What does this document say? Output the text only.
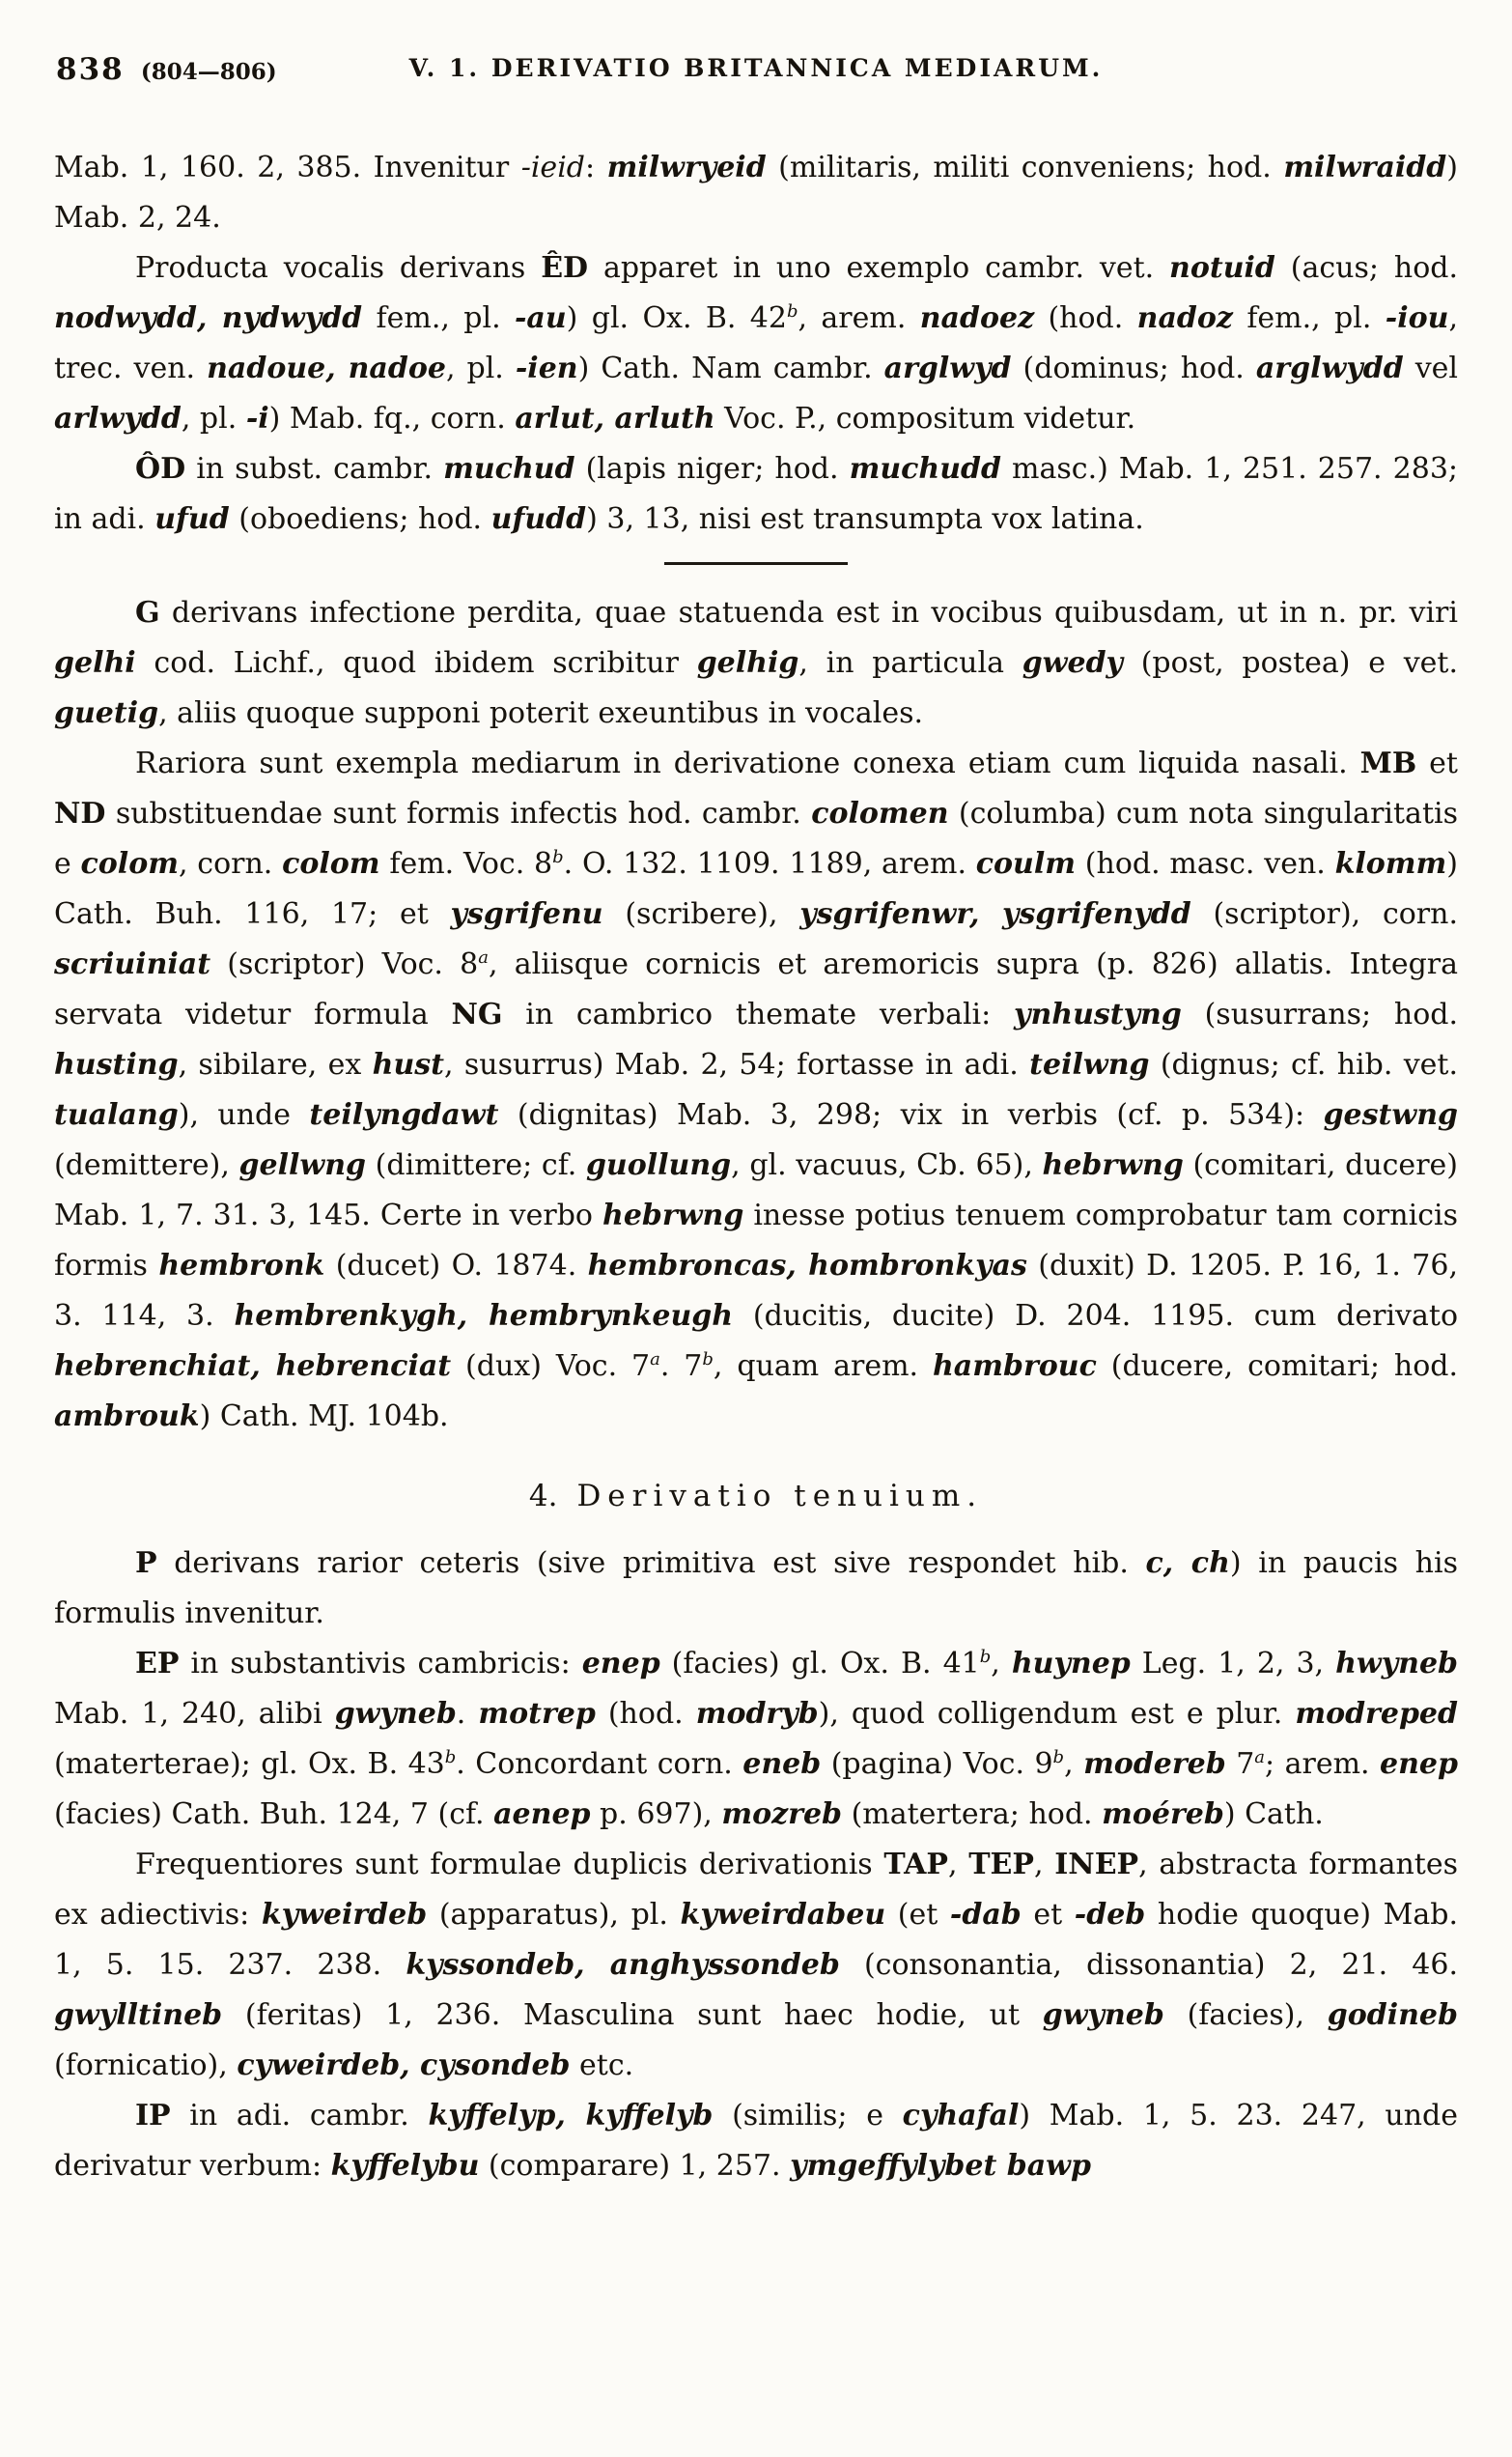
838 (804—806)	V. 1. DERIVATIO BRITANNICA MEDIARUM.

Mab. 1, 160. 2, 385. Invenitur -ieid: milwryeid (militaris, militi conveniens; hod. milwraidd) Mab. 2, 24.

Producta vocalis derivans ÊD apparet in uno exemplo cambr. vet. notuid (acus; hod. nodwydd, nydwydd fem., pl. -au) gl. Ox. B. 42$^b$, arem. nadoez (hod. nadoz fem., pl. -iou, trec. ven. nadoue, nadoe, pl. -ien) Cath. Nam cambr. arglwyd (dominus; hod. arglwydd vel arlwydd, pl. -i) Mab. fq., corn. arlut, arluth Voc. P., compositum videtur.

ÔD in subst. cambr. muchud (lapis niger; hod. muchudd masc.) Mab. 1, 251. 257. 283; in adi. ufud (oboediens; hod. ufudd) 3, 13, nisi est transumpta vox latina.

G derivans infectione perdita, quae statuenda est in vocibus quibusdam, ut in n. pr. viri gelhi cod. Lichf., quod ibidem scribitur gelhig, in particula gwedy (post, postea) e vet. guetig, aliis quoque supponi poterit exeuntibus in vocales.

Rariora sunt exempla mediarum in derivatione conexa etiam cum liquida nasali. MB et ND substituendae sunt formis infectis hod. cambr. colomen (columba) cum nota singularitatis e colom, corn. colom fem. Voc. 8$^b$. O. 132. 1109. 1189, arem. coulm (hod. masc. ven. klomm) Cath. Buh. 116, 17; et ysgrifenu (scribere), ysgrifenwr, ysgrifenydd (scriptor), corn. scriuiniat (scriptor) Voc. 8$^a$, aliisque cornicis et aremoricis supra (p. 826) allatis. Integra servata videtur formula NG in cambrico themate verbali: ynhustyng (susurrans; hod. husting, sibilare, ex hust, susurrus) Mab. 2, 54; fortasse in adi. teilwng (dignus; cf. hib. vet. tualang), unde teilyngdawt (dignitas) Mab. 3, 298; vix in verbis (cf. p. 534): gestwng (demittere), gellwng (dimittere; cf. guollung, gl. vacuus, Cb. 65), hebrwng (comitari, ducere) Mab. 1, 7. 31. 3, 145. Certe in verbo hebrwng inesse potius tenuem comprobatur tam cornicis formis hembronk (ducet) O. 1874. hembroncas, hombronkyas (duxit) D. 1205. P. 16, 1. 76, 3. 114, 3. hembrenkygh, hembrynkeugh (ducitis, ducite) D. 204. 1195. cum derivato hebrenchiat, hebrenciat (dux) Voc. 7$^a$. 7$^b$, quam arem. hambrouc (ducere, comitari; hod. ambrouk) Cath. MJ. 104b.

4. Derivatio tenuium.

P derivans rarior ceteris (sive primitiva est sive respondet hib. c, ch) in paucis his formulis invenitur.

EP in substantivis cambricis: enep (facies) gl. Ox. B. 41$^b$, huynep Leg. 1, 2, 3, hwyneb Mab. 1, 240, alibi gwyneb. motrep (hod. modryb), quod colligendum est e plur. modreped (materterae); gl. Ox. B. 43$^b$. Concordant corn. eneb (pagina) Voc. 9$^b$, modereb 7$^a$; arem. enep (facies) Cath. Buh. 124, 7 (cf. aenep p. 697), mozreb (matertera; hod. moéreb) Cath.

Frequentiores sunt formulae duplicis derivationis TAP, TEP, INEP, abstracta formantes ex adiectivis: kyweirdeb (apparatus), pl. kyweirdabeu (et -dab et -deb hodie quoque) Mab. 1, 5. 15. 237. 238. kyssondeb, anghyssondeb (consonantia, dissonantia) 2, 21. 46. gwylltineb (feritas) 1, 236. Masculina sunt haec hodie, ut gwyneb (facies), godineb (fornicatio), cyweirdeb, cysondeb etc.

IP in adi. cambr. kyffelyp, kyffelyb (similis; e cyhafal) Mab. 1, 5. 23. 247, unde derivatur verbum: kyffelybu (comparare) 1, 257. ymgeffylybet bawp
